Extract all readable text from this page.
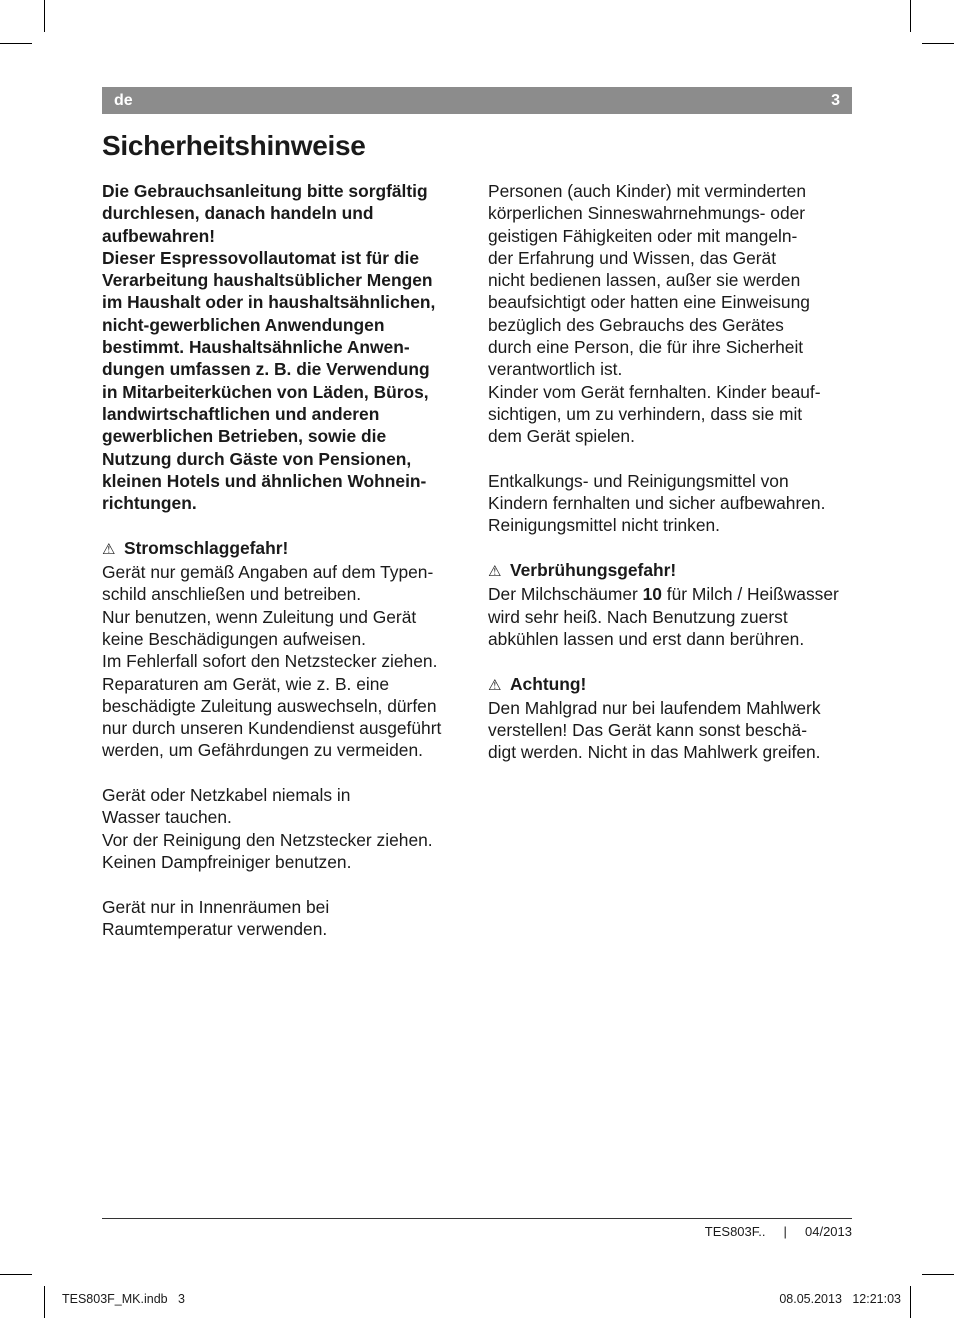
de	3
Sicherheitshinweise

Die Gebrauchsanleitung bitte sorgfältig

durchlesen, danach handeln und

aufbewahren!

Dieser Espressovollautomat ist für die

Verarbeitung haushaltsüblicher Mengen

im Haushalt oder in haushaltsähnlichen,

nicht-gewerblichen Anwendungen

bestimmt. Haushaltsähnliche Anwen-

dungen umfassen z. B. die Verwendung

in Mitarbeiterküchen von Läden, Büros,

landwirtschaftlichen und anderen

gewerblichen Betrieben, sowie die

Nutzung durch Gäste von Pensionen,

kleinen Hotels und ähnlichen Wohnein-

richtungen.

⚠ Stromschlaggefahr!

Gerät nur gemäß Angaben auf dem Typen-

schild anschließen und betreiben.

Nur benutzen, wenn Zuleitung und Gerät

keine Beschädigungen aufweisen.

Im Fehlerfall sofort den Netzstecker ziehen.

Reparaturen am Gerät, wie z. B. eine

beschädigte Zuleitung auswechseln, dürfen

nur durch unseren Kundendienst ausgeführt

werden, um Gefährdungen zu vermeiden.

Gerät oder Netzkabel niemals in

Wasser tauchen.

Vor der Reinigung den Netzstecker ziehen.

Keinen Dampfreiniger benutzen.

Gerät nur in Innenräumen bei

Raumtemperatur verwenden.

Personen (auch Kinder) mit verminderten

körperlichen Sinneswahrnehmungs- oder

geistigen Fähigkeiten oder mit mangeln-

der Erfahrung und Wissen, das Gerät

nicht bedienen lassen, außer sie werden

beaufsichtigt oder hatten eine Einweisung

bezüglich des Gebrauchs des Gerätes

durch eine Person, die für ihre Sicherheit

verantwortlich ist.

Kinder vom Gerät fernhalten. Kinder beauf-

sichtigen, um zu verhindern, dass sie mit

dem Gerät spielen.

Entkalkungs- und Reinigungsmittel von

Kindern fernhalten und sicher aufbewahren.

Reinigungsmittel nicht trinken.

⚠ Verbrühungsgefahr!

Der Milchschäumer 10 für Milch / Heißwasser

wird sehr heiß. Nach Benutzung zuerst

abkühlen lassen und erst dann berühren.

⚠ Achtung!

Den Mahlgrad nur bei laufendem Mahlwerk

verstellen! Das Gerät kann sonst beschä-

digt werden. Nicht in das Mahlwerk greifen.

TES803F.. | 04/2013
TES803F_MK.indb 3	08.05.2013 12:21:03
